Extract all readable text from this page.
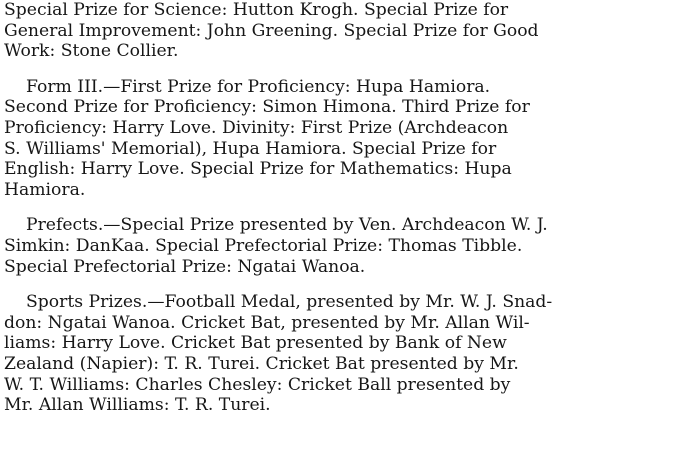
Special Prize for Science: Hutton Krogh. Special Prize for
General Improvement: John Greening. Special Prize for Good
Work: Stone Collier.

Form III.—First Prize for Proficiency: Hupa Hamiora.
Second Prize for Proficiency: Simon Himona. Third Prize for
Proficiency: Harry Love. Divinity: First Prize (Archdeacon
S. Williams' Memorial), Hupa Hamiora. Special Prize for
English: Harry Love. Special Prize for Mathematics: Hupa
Hamiora.

Prefects.—Special Prize presented by Ven. Archdeacon W. J.
Simkin: DanKaa. Special Prefectorial Prize: Thomas Tibble.
Special Prefectorial Prize: Ngatai Wanoa.

Sports Prizes.—Football Medal, presented by Mr. W. J. Snad-
don: Ngatai Wanoa. Cricket Bat, presented by Mr. Allan Wil-
liams: Harry Love. Cricket Bat presented by Bank of New
Zealand (Napier): T. R. Turei. Cricket Bat presented by Mr.
W. T. Williams: Charles Chesley: Cricket Ball presented by
Mr. Allan Williams: T. R. Turei.
